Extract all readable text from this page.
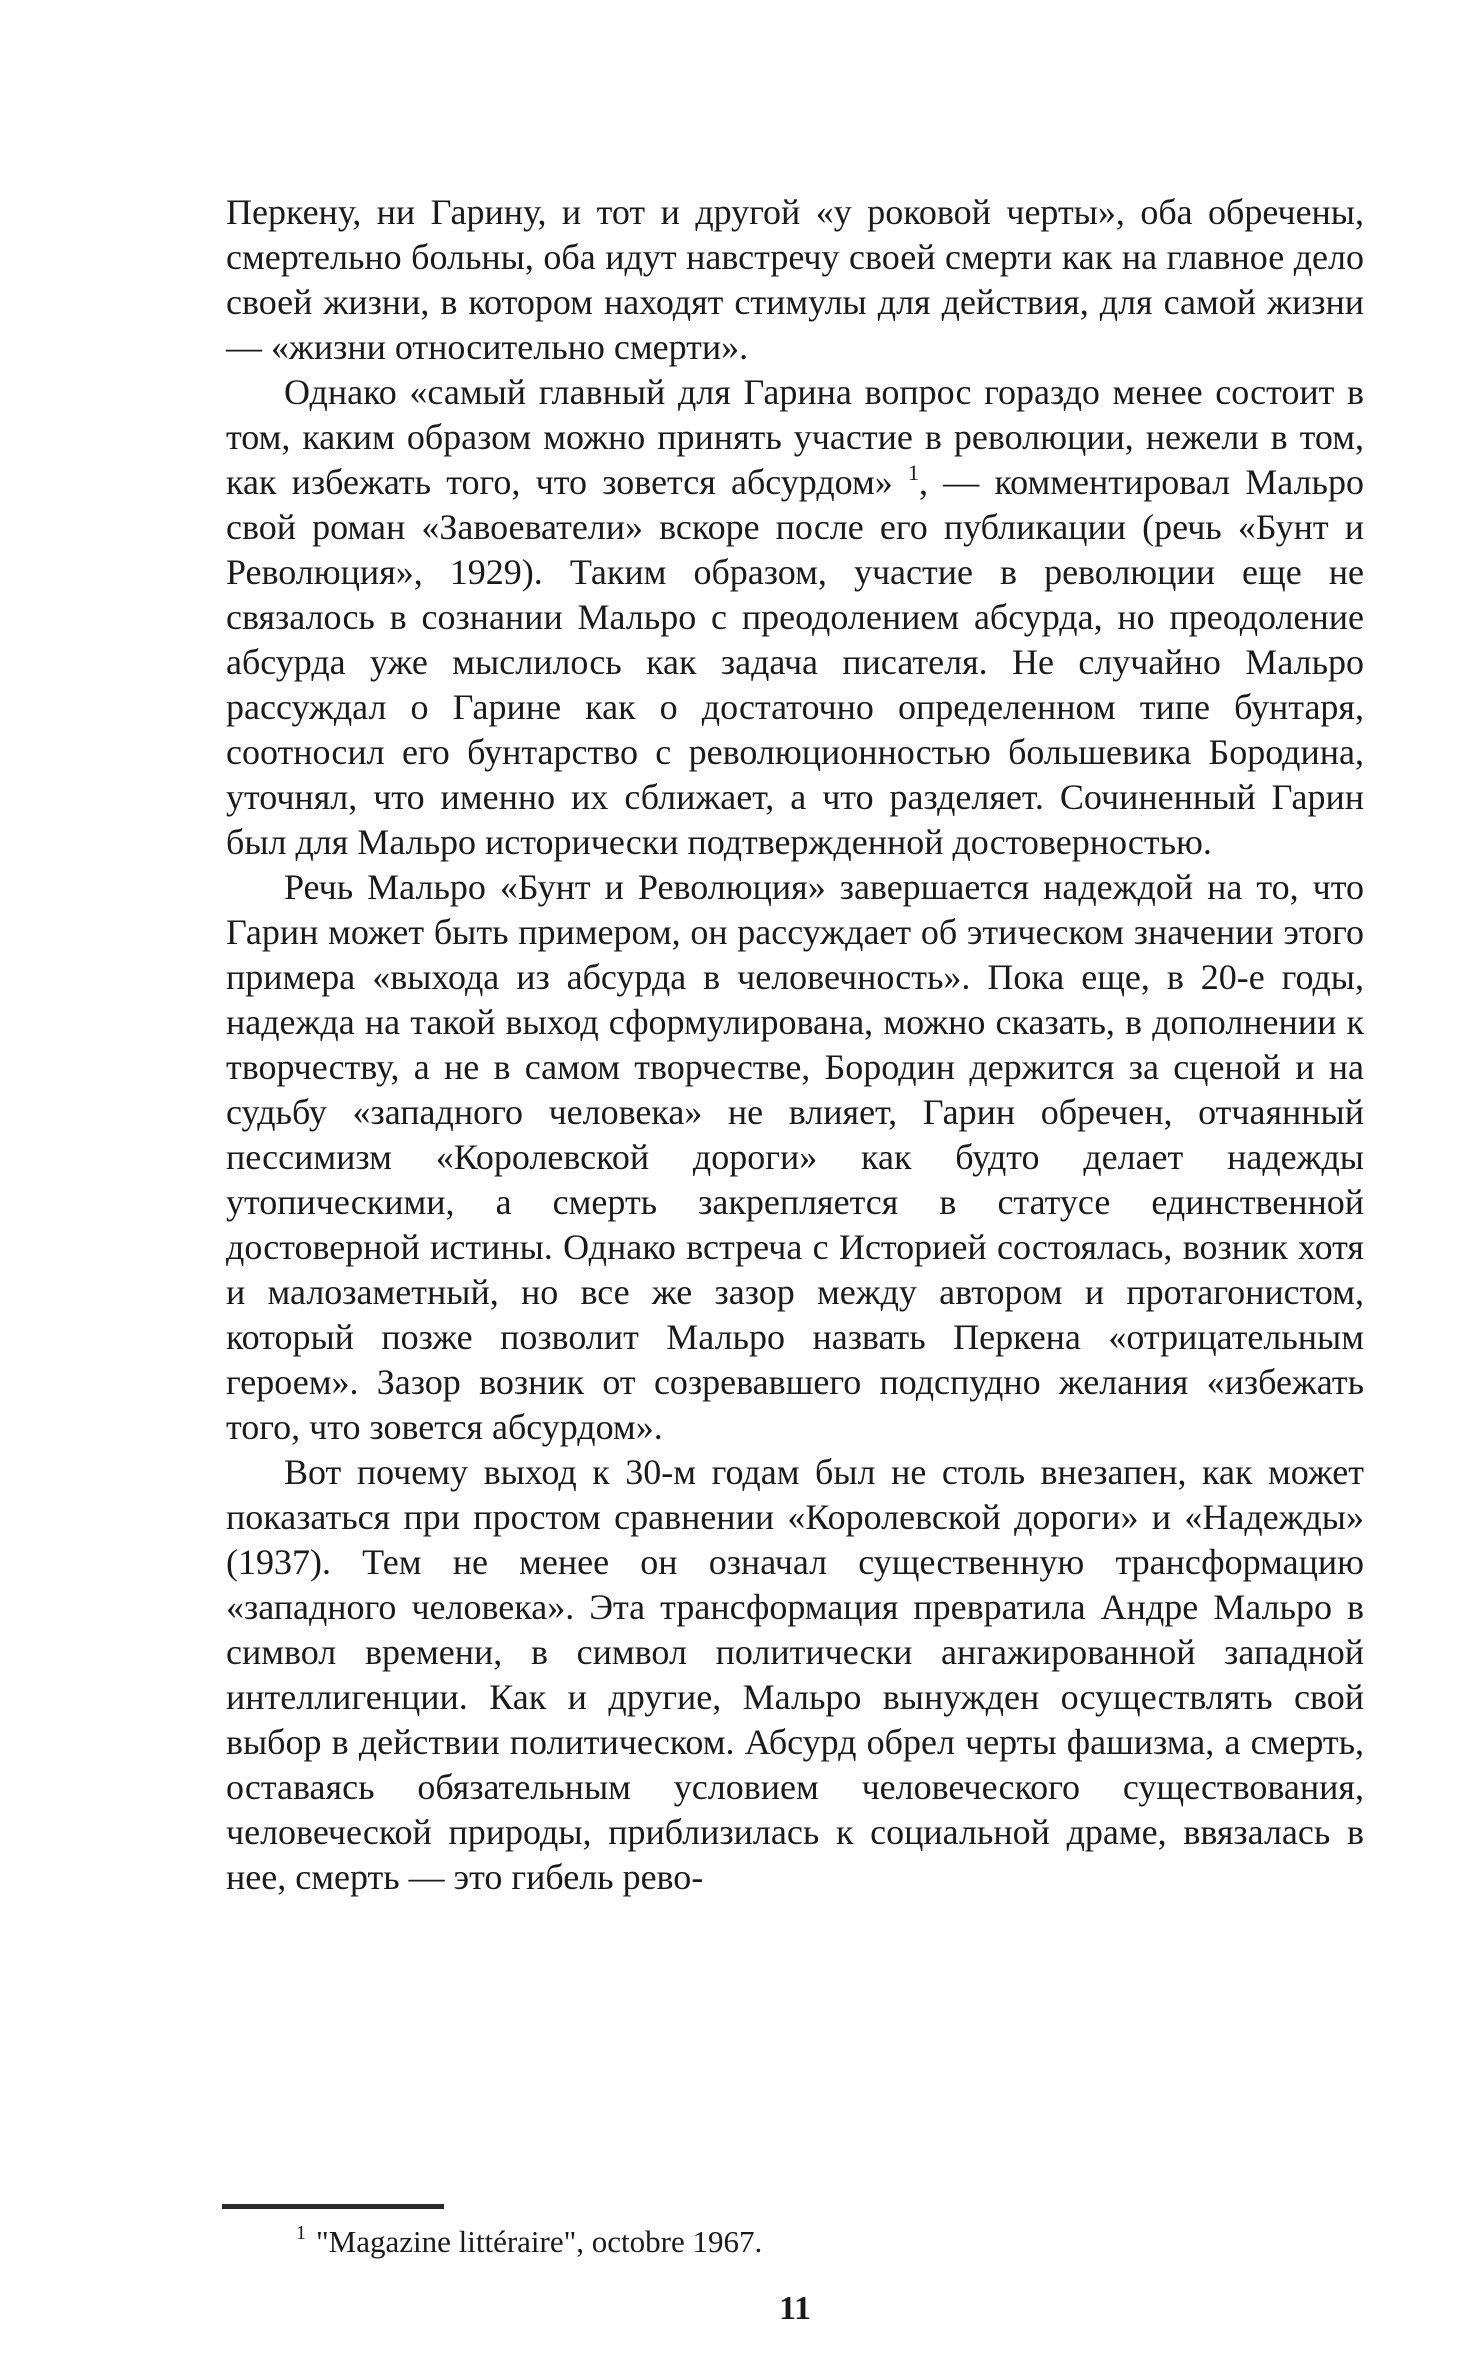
Перкену, ни Гарину, и тот и другой «у роковой черты», оба обречены, смертельно больны, оба идут навстречу своей смерти как на главное дело своей жизни, в котором находят стимулы для действия, для самой жизни — «жизни относительно смерти».

Однако «самый главный для Гарина вопрос гораздо менее состоит в том, каким образом можно принять участие в революции, нежели в том, как избежать того, что зовется абсурдом» $^1$, — комментировал Мальро свой роман «Завоеватели» вскоре после его публикации (речь «Бунт и Революция», 1929). Таким образом, участие в революции еще не связалось в сознании Мальро с преодолением абсурда, но преодоление абсурда уже мыслилось как задача писателя. Не случайно Мальро рассуждал о Гарине как о достаточно определенном типе бунтаря, соотносил его бунтарство с революционностью большевика Бородина, уточнял, что именно их сближает, а что разделяет. Сочиненный Гарин был для Мальро исторически подтвержденной достоверностью.

Речь Мальро «Бунт и Революция» завершается надеждой на то, что Гарин может быть примером, он рассуждает об этическом значении этого примера «выхода из абсурда в человечность». Пока еще, в 20-е годы, надежда на такой выход сформулирована, можно сказать, в дополнении к творчеству, а не в самом творчестве, Бородин держится за сценой и на судьбу «западного человека» не влияет, Гарин обречен, отчаянный пессимизм «Королевской дороги» как будто делает надежды утопическими, а смерть закрепляется в статусе единственной достоверной истины. Однако встреча с Историей состоялась, возник хотя и малозаметный, но все же зазор между автором и протагонистом, который позже позволит Мальро назвать Перкена «отрицательным героем». Зазор возник от созревавшего подспудно желания «избежать того, что зовется абсурдом».

Вот почему выход к 30-м годам был не столь внезапен, как может показаться при простом сравнении «Королевской дороги» и «Надежды» (1937). Тем не менее он означал существенную трансформацию «западного человека». Эта трансформация превратила Андре Мальро в символ времени, в символ политически ангажированной западной интеллигенции. Как и другие, Мальро вынужден осуществлять свой выбор в действии политическом. Абсурд обрел черты фашизма, а смерть, оставаясь обязательным условием человеческого существования, человеческой природы, приблизилась к социальной драме, ввязалась в нее, смерть — это гибель рево-

$^1$ "Magazine littéraire", octobre 1967.
11
